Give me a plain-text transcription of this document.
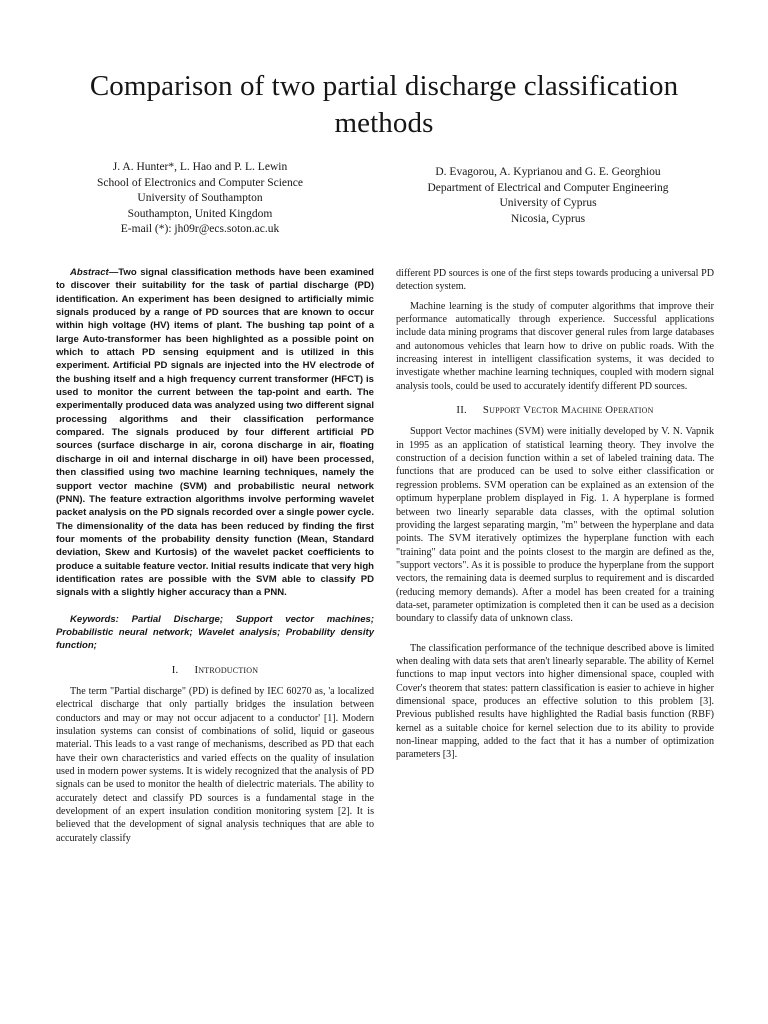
Comparison of two partial discharge classification methods
J. A. Hunter*, L. Hao and P. L. Lewin
School of Electronics and Computer Science
University of Southampton
Southampton, United Kingdom
E-mail (*): jh09r@ecs.soton.ac.uk
D. Evagorou, A. Kyprianou and G. E. Georghiou
Department of Electrical and Computer Engineering
University of Cyprus
Nicosia, Cyprus

Abstract—Two signal classification methods have been examined to discover their suitability for the task of partial discharge (PD) identification. An experiment has been designed to artificially mimic signals produced by a range of PD sources that are known to occur within high voltage (HV) items of plant. The bushing tap point of a large Auto-transformer has been highlighted as a possible point on which to attach PD sensing equipment and is utilized in this experiment. Artificial PD signals are injected into the HV electrode of the bushing itself and a high frequency current transformer (HFCT) is used to monitor the current between the tap-point and earth. The experimentally produced data was analyzed using two different signal processing algorithms and their classification performance compared. The signals produced by four different artificial PD sources (surface discharge in air, corona discharge in air, floating discharge in oil and internal discharge in oil) have been processed, then classified using two machine learning techniques, namely the support vector machine (SVM) and probabilistic neural network (PNN). The feature extraction algorithms involve performing wavelet packet analysis on the PD signals recorded over a single power cycle. The dimensionality of the data has been reduced by finding the first four moments of the probability density function (Mean, Standard deviation, Skew and Kurtosis) of the wavelet packet coefficients to produce a suitable feature vector. Initial results indicate that very high identification rates are possible with the SVM able to classify PD signals with a slightly higher accuracy than a PNN.

Keywords: Partial Discharge; Support vector machines; Probabilistic neural network; Wavelet analysis; Probability density function;

I. Introduction

The term "Partial discharge" (PD) is defined by IEC 60270 as, 'a localized electrical discharge that only partially bridges the insulation between conductors and may or may not occur adjacent to a conductor' [1]. Modern insulation systems can consist of combinations of solid, liquid or gaseous material. This leads to a vast range of mechanisms, described as PD that each have their own characteristics and varied effects on the quality of insulation used in modern power systems. It is widely recognized that the analysis of PD signals can be used to monitor the health of dielectric materials. The ability to accurately detect and classify PD sources is a fundamental stage in the development of an expert insulation condition monitoring system [2]. It is believed that the development of signal analysis techniques that are able to accurately classify

different PD sources is one of the first steps towards producing a universal PD detection system.

Machine learning is the study of computer algorithms that improve their performance automatically through experience. Successful applications include data mining programs that discover general rules from large databases and autonomous vehicles that learn how to drive on public roads. With the increasing interest in intelligent classification systems, it was decided to investigate whether machine learning techniques, coupled with modern signal analysis tools, could be used to accurately identify different PD sources.

II. Support Vector Machine Operation

Support Vector machines (SVM) were initially developed by V. N. Vapnik in 1995 as an application of statistical learning theory. They involve the construction of a decision function within a set of labeled training data. The functions that are produced can be used to solve either classification or regression problems. SVM operation can be explained as an extension of the optimum hyperplane problem displayed in Fig. 1. A hyperplane is formed between two linearly separable data classes, with the optimal solution providing the largest separating margin, "m" between the hyperplane and data points. The SVM iteratively optimizes the hyperplane function with each "training" data point and the points closest to the margin are defined as the, "support vectors". As it is possible to produce the hyperplane from the support vectors, the remaining data is deemed surplus to requirement and is discarded (reducing memory demands). After a model has been created for a training data-set, parameter optimization is completed then it can be used as a decision boundary to classify data of unknown class.

The classification performance of the technique described above is limited when dealing with data sets that aren't linearly separable. The ability of Kernel functions to map input vectors into higher dimensional space, coupled with Cover's theorem that states: pattern classification is easier to achieve in higher dimensional space, produces an effective solution to this problem [3]. Previous published results have highlighted the Radial basis function (RBF) kernel as a suitable choice for kernel selection due to its ability to provide non-linear mapping, added to the fact that it has a number of optimization parameters [3].
